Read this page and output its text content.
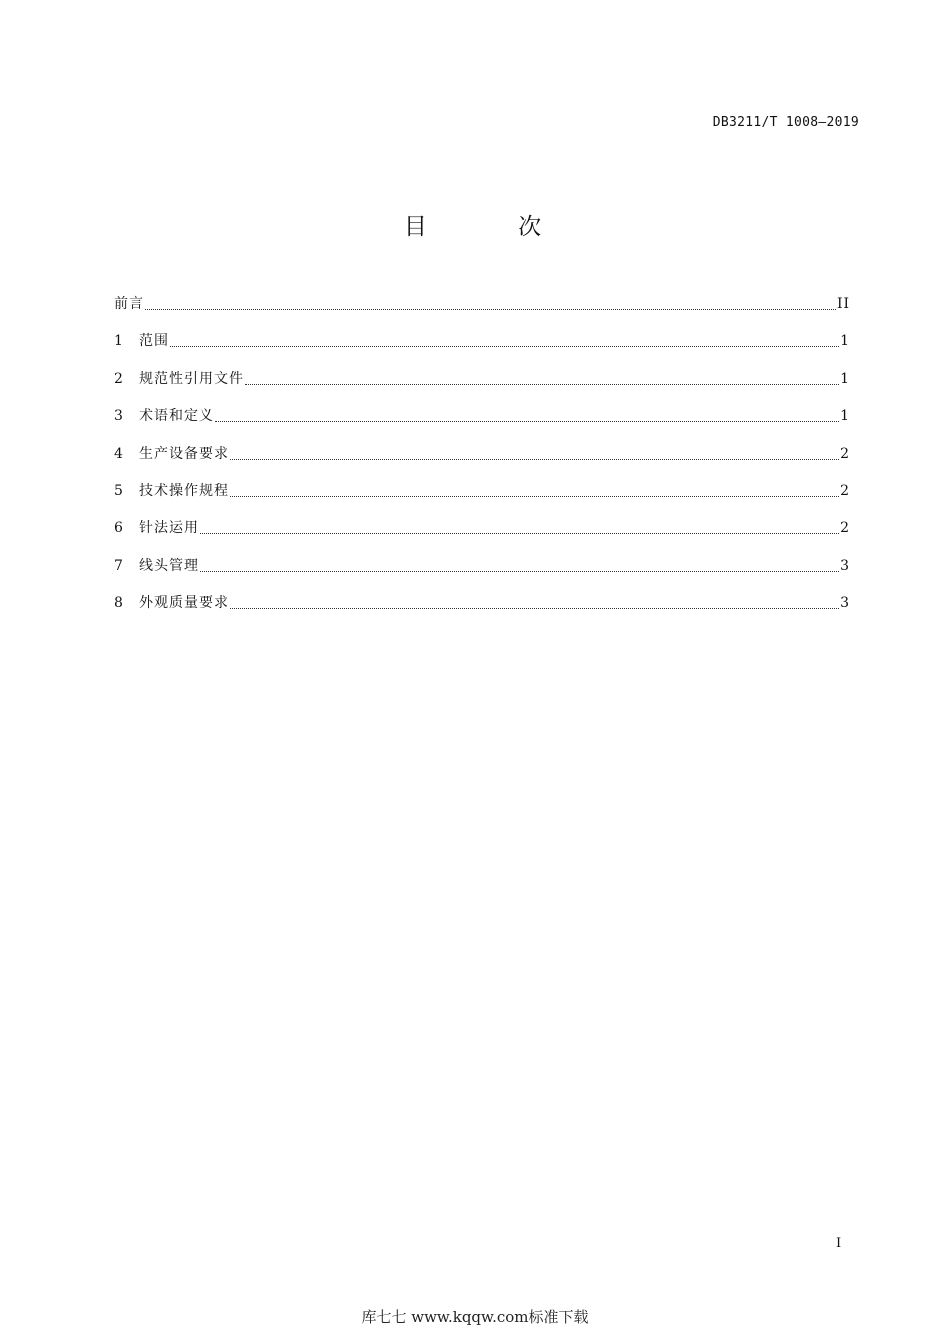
DB3211/T 1008—2019
目 次
前言	II
1	范围	1
2	规范性引用文件	1
3	术语和定义	1
4	生产设备要求	2
5	技术操作规程	2
6	针法运用	2
7	线头管理	3
8	外观质量要求	3
I
库七七 www.kqqw.com标准下载
